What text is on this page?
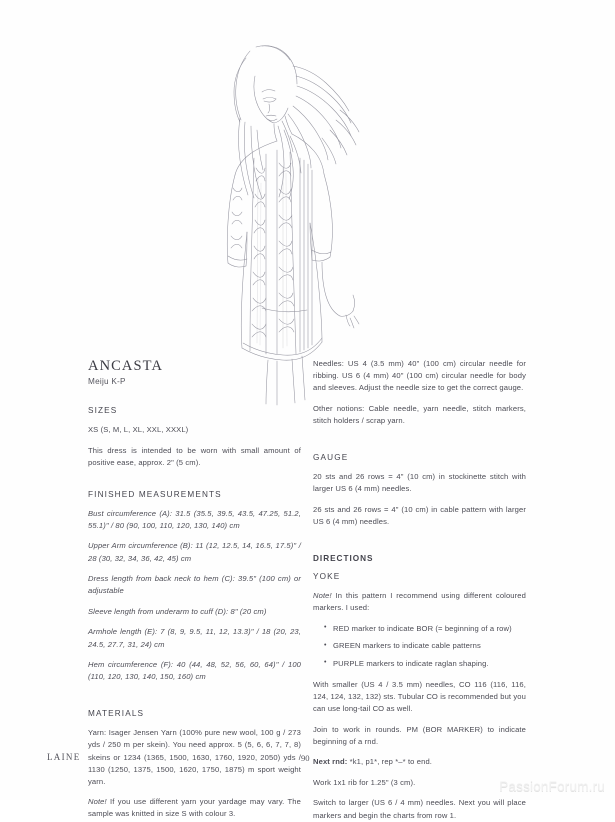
ANCASTA

Meiju K-P

SIZES

XS (S, M, L, XL, XXL, XXXL)

This dress is intended to be worn with small amount of positive ease, approx. 2" (5 cm).

FINISHED MEASUREMENTS

Bust circumference (A): 31.5 (35.5, 39.5, 43.5, 47.25, 51.2, 55.1)" / 80 (90, 100, 110, 120, 130, 140) cm

Upper Arm circumference (B): 11 (12, 12.5, 14, 16.5, 17.5)" / 28 (30, 32, 34, 36, 42, 45) cm

Dress length from back neck to hem (C): 39.5" (100 cm) or adjustable

Sleeve length from underarm to cuff (D): 8" (20 cm)

Armhole length (E): 7 (8, 9, 9.5, 11, 12, 13.3)" / 18 (20, 23, 24.5, 27.7, 31, 24) cm

Hem circumference (F): 40 (44, 48, 52, 56, 60, 64)" / 100 (110, 120, 130, 140, 150, 160) cm

MATERIALS

Yarn: Isager Jensen Yarn (100% pure new wool, 100 g / 273 yds / 250 m per skein). You need approx. 5 (5, 6, 6, 7, 7, 8) skeins or 1234 (1365, 1500, 1630, 1760, 1920, 2050) yds / 1130 (1250, 1375, 1500, 1620, 1750, 1875) m sport weight yarn.

Note! If you use different yarn your yardage may vary. The sample was knitted in size S with colour 3.

Needles: US 4 (3.5 mm) 40" (100 cm) circular needle for ribbing. US 6 (4 mm) 40" (100 cm) circular needle for body and sleeves. Adjust the needle size to get the correct gauge.

Other notions: Cable needle, yarn needle, stitch markers, stitch holders / scrap yarn.

GAUGE

20 sts and 26 rows = 4" (10 cm) in stockinette stitch with larger US 6 (4 mm) needles.

26 sts and 26 rows = 4" (10 cm) in cable pattern with larger US 6 (4 mm) needles.

DIRECTIONS
YOKE

Note! In this pattern I recommend using different coloured markers. I used:

• RED marker to indicate BOR (= beginning of a row)
• GREEN markers to indicate cable patterns
• PURPLE markers to indicate raglan shaping.

With smaller (US 4 / 3.5 mm) needles, CO 116 (116, 116, 124, 124, 132, 132) sts. Tubular CO is recommended but you can use long-tail CO as well.

Join to work in rounds. PM (BOR MARKER) to indicate beginning of a rnd.

Next rnd: *k1, p1*, rep *–* to end.

Work 1x1 rib for 1.25" (3 cm).

Switch to larger (US 6 / 4 mm) needles. Next you will place markers and begin the charts from row 1.

LAINE	90
PassionForum.ru
